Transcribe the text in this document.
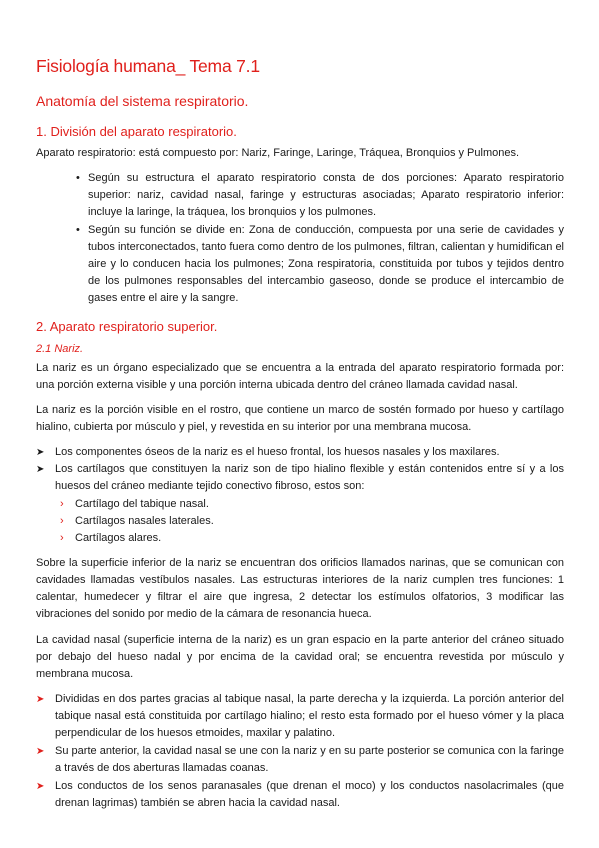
Fisiología humana_ Tema 7.1
Anatomía del sistema respiratorio.
1. División del aparato respiratorio.
Aparato respiratorio: está compuesto por: Nariz, Faringe, Laringe, Tráquea, Bronquios y Pulmones.
• Según su estructura el aparato respiratorio consta de dos porciones: Aparato respiratorio superior: nariz, cavidad nasal, faringe y estructuras asociadas; Aparato respiratorio inferior: incluye la laringe, la tráquea, los bronquios y los pulmones.
• Según su función se divide en: Zona de conducción, compuesta por una serie de cavidades y tubos interconectados, tanto fuera como dentro de los pulmones, filtran, calientan y humidifican el aire y lo conducen hacia los pulmones; Zona respiratoria, constituida por tubos y tejidos dentro de los pulmones responsables del intercambio gaseoso, donde se produce el intercambio de gases entre el aire y la sangre.
2. Aparato respiratorio superior.
2.1 Nariz.
La nariz es un órgano especializado que se encuentra a la entrada del aparato respiratorio formada por: una porción externa visible y una porción interna ubicada dentro del cráneo llamada cavidad nasal.
La nariz es la porción visible en el rostro, que contiene un marco de sostén formado por hueso y cartílago hialino, cubierta por músculo y piel, y revestida en su interior por una membrana mucosa.
➤ Los componentes óseos de la nariz es el hueso frontal, los huesos nasales y los maxilares.
➤ Los cartílagos que constituyen la nariz son de tipo hialino flexible y están contenidos entre sí y a los huesos del cráneo mediante tejido conectivo fibroso, estos son:
› Cartílago del tabique nasal.
› Cartílagos nasales laterales.
› Cartílagos alares.
Sobre la superficie inferior de la nariz se encuentran dos orificios llamados narinas, que se comunican con cavidades llamadas vestíbulos nasales. Las estructuras interiores de la nariz cumplen tres funciones: 1 calentar, humedecer y filtrar el aire que ingresa, 2 detectar los estímulos olfatorios, 3 modificar las vibraciones del sonido por medio de la cámara de resonancia hueca.
La cavidad nasal (superficie interna de la nariz) es un gran espacio en la parte anterior del cráneo situado por debajo del hueso nadal y por encima de la cavidad oral; se encuentra revestida por músculo y membrana mucosa.
➤ Divididas en dos partes gracias al tabique nasal, la parte derecha y la izquierda. La porción anterior del tabique nasal está constituida por cartílago hialino; el resto esta formado por el hueso vómer y la placa perpendicular de los huesos etmoides, maxilar y palatino.
➤ Su parte anterior, la cavidad nasal se une con la nariz y en su parte posterior se comunica con la faringe a través de dos aberturas llamadas coanas.
➤ Los conductos de los senos paranasales (que drenan el moco) y los conductos nasolacrimales (que drenan lagrimas) también se abren hacia la cavidad nasal.
